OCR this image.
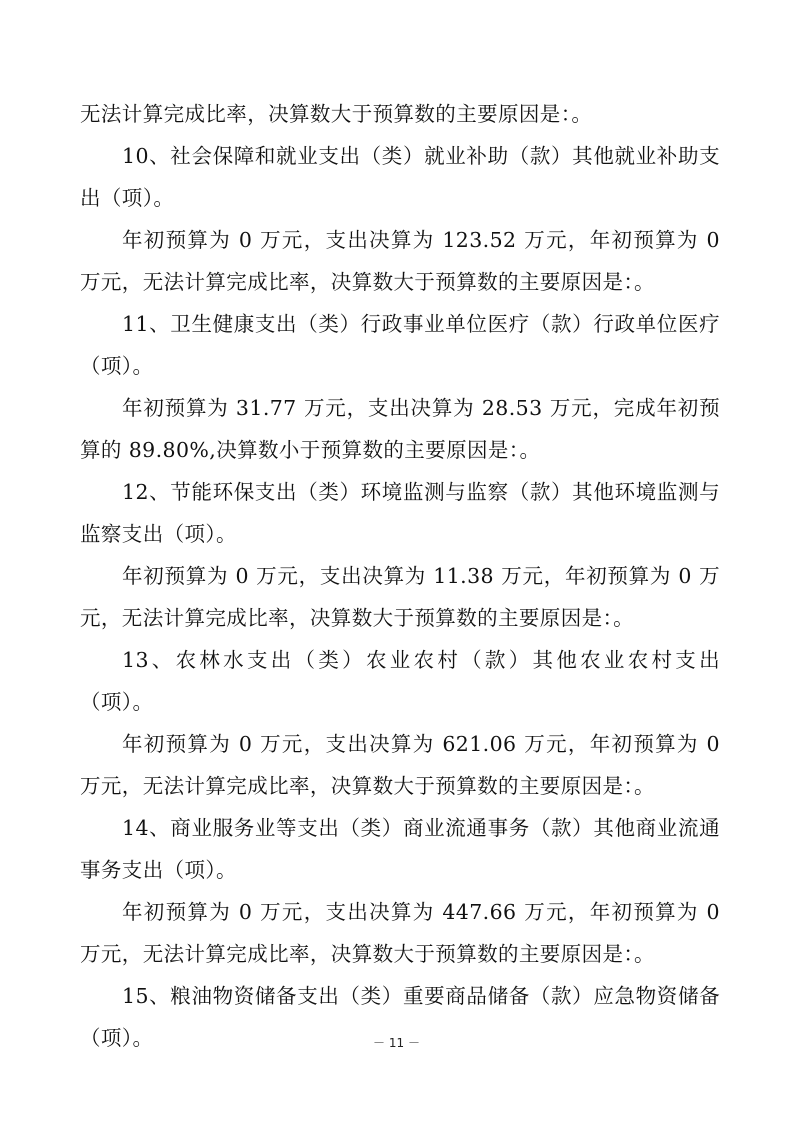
无法计算完成比率，决算数大于预算数的主要原因是：。

10、社会保障和就业支出（类）就业补助（款）其他就业补助支出（项）。

年初预算为 0 万元，支出决算为 123.52 万元，年初预算为 0 万元，无法计算完成比率，决算数大于预算数的主要原因是：。

11、卫生健康支出（类）行政事业单位医疗（款）行政单位医疗（项）。

年初预算为 31.77 万元，支出决算为 28.53 万元，完成年初预算的 89.80%,决算数小于预算数的主要原因是：。

12、节能环保支出（类）环境监测与监察（款）其他环境监测与监察支出（项）。

年初预算为 0 万元，支出决算为 11.38 万元，年初预算为 0 万元，无法计算完成比率，决算数大于预算数的主要原因是：。

13、农林水支出（类）农业农村（款）其他农业农村支出（项）。

年初预算为 0 万元，支出决算为 621.06 万元，年初预算为 0 万元，无法计算完成比率，决算数大于预算数的主要原因是：。

14、商业服务业等支出（类）商业流通事务（款）其他商业流通事务支出（项）。

年初预算为 0 万元，支出决算为 447.66 万元，年初预算为 0 万元，无法计算完成比率，决算数大于预算数的主要原因是：。

15、粮油物资储备支出（类）重要商品储备（款）应急物资储备（项）。	－ 11 －
